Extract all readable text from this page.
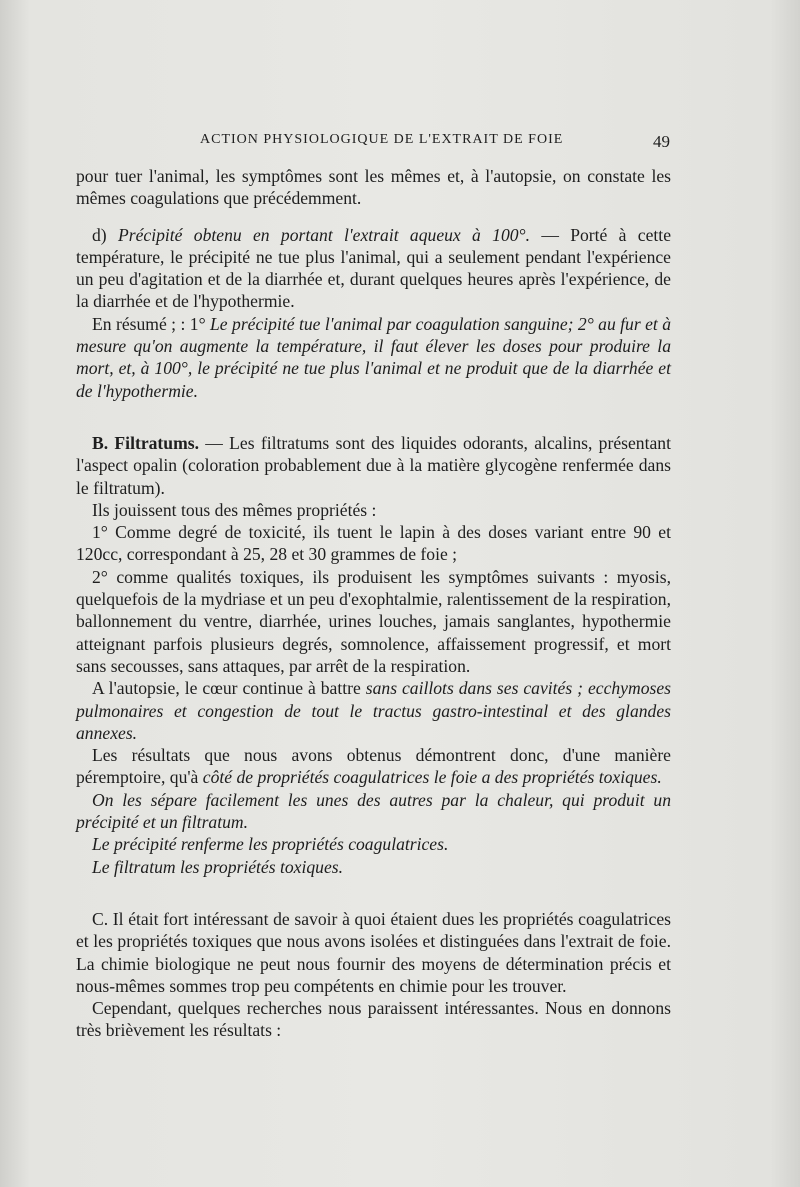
ACTION PHYSIOLOGIQUE DE L'EXTRAIT DE FOIE	49

pour tuer l'animal, les symptômes sont les mêmes et, à l'autopsie, on constate les mêmes coagulations que précédemment.

d) Précipité obtenu en portant l'extrait aqueux à 100°. — Porté à cette température, le précipité ne tue plus l'animal, qui a seulement pendant l'expérience un peu d'agitation et de la diarrhée et, durant quelques heures après l'expérience, de la diarrhée et de l'hypothermie.

En résumé ; : 1° Le précipité tue l'animal par coagulation sanguine; 2° au fur et à mesure qu'on augmente la température, il faut élever les doses pour produire la mort, et, à 100°, le précipité ne tue plus l'animal et ne produit que de la diarrhée et de l'hypothermie.

B. Filtratums. — Les filtratums sont des liquides odorants, alcalins, présentant l'aspect opalin (coloration probablement due à la matière glycogène renfermée dans le filtratum).

Ils jouissent tous des mêmes propriétés :

1° Comme degré de toxicité, ils tuent le lapin à des doses variant entre 90 et 120cc, correspondant à 25, 28 et 30 grammes de foie ;

2° comme qualités toxiques, ils produisent les symptômes suivants : myosis, quelquefois de la mydriase et un peu d'exophtalmie, ralentissement de la respiration, ballonnement du ventre, diarrhée, urines louches, jamais sanglantes, hypothermie atteignant parfois plusieurs degrés, somnolence, affaissement progressif, et mort sans secousses, sans attaques, par arrêt de la respiration.

A l'autopsie, le cœur continue à battre sans caillots dans ses cavités ; ecchymoses pulmonaires et congestion de tout le tractus gastro-intestinal et des glandes annexes.

Les résultats que nous avons obtenus démontrent donc, d'une manière péremptoire, qu'à côté de propriétés coagulatrices le foie a des propriétés toxiques.

On les sépare facilement les unes des autres par la chaleur, qui produit un précipité et un filtratum.

Le précipité renferme les propriétés coagulatrices.

Le filtratum les propriétés toxiques.

C. Il était fort intéressant de savoir à quoi étaient dues les propriétés coagulatrices et les propriétés toxiques que nous avons isolées et distinguées dans l'extrait de foie. La chimie biologique ne peut nous fournir des moyens de détermination précis et nous-mêmes sommes trop peu compétents en chimie pour les trouver.

Cependant, quelques recherches nous paraissent intéressantes. Nous en donnons très brièvement les résultats :
